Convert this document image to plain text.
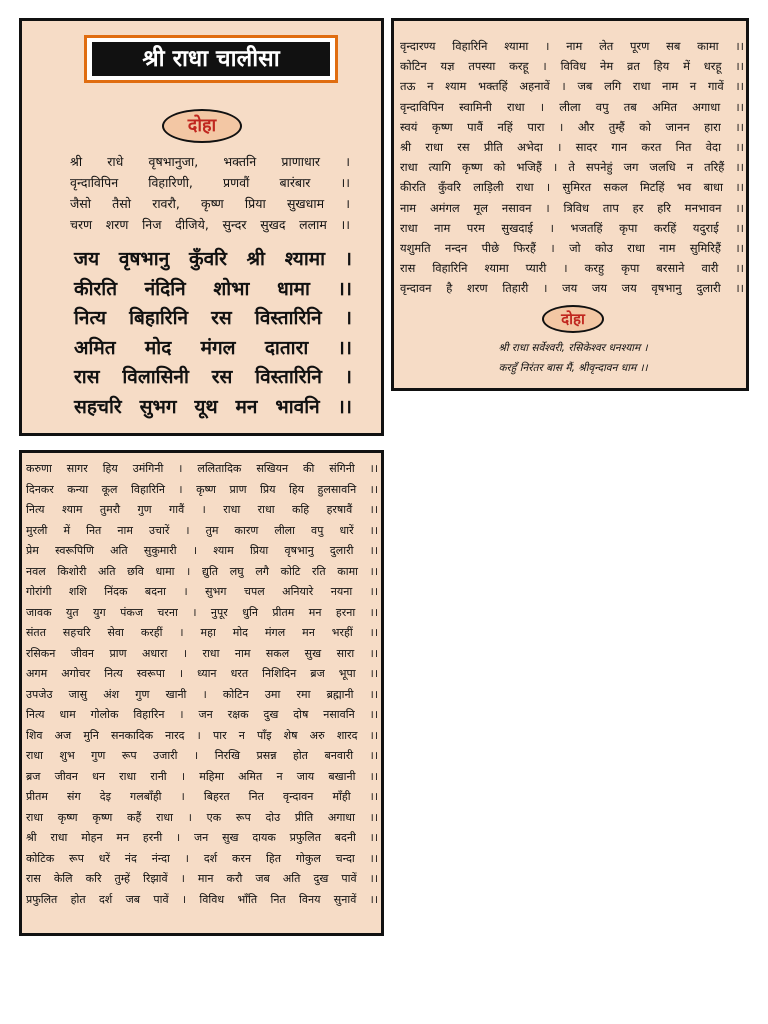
श्री राधा चालीसा
दोहा
श्री राधे वृषभानुजा, भक्तनि प्राणाधार ।
वृन्दाविपिन विहारिणी, प्रणवौं बारंबार ।।
जैसो तैसो रावरौ, कृष्ण प्रिया सुखधाम ।
चरण शरण निज दीजिये, सुन्दर सुखद ललाम ।।
जय वृषभानु कुँवरि श्री श्यामा ।
कीरति नंदिनि शोभा धामा ।।
नित्य बिहारिनि रस विस्तारिनि ।
अमित मोद मंगल दातारा ।।
रास विलासिनी रस विस्तारिनि ।
सहचरि सुभग यूथ मन भावनि ।।
वृन्दारण्य विहारिनि श्यामा । नाम लेत पूरण सब कामा ।।
कोटिन यज्ञ तपस्या करहू । विविध नेम व्रत हिय में धरहू ।।
तऊ न श्याम भक्तहिं अहनावें । जब लगि राधा नाम न गावें ।।
वृन्दाविपिन स्वामिनी राधा । लीला वपु तब अमित अगाधा ।।
स्वयं कृष्ण पावैं नहिं पारा । और तुम्हैं को जानन हारा ।।
श्री राधा रस प्रीति अभेदा । सादर गान करत नित वेदा ।।
राधा त्यागि कृष्ण को भजिहैं । ते सपनेहुं जग जलधि न तरिहैं ।।
कीरति कुँवरि लाड़िली राधा । सुमिरत सकल मिटहिं भव बाधा ।।
नाम अमंगल मूल नसावन । त्रिविध ताप हर हरि मनभावन ।।
राधा नाम परम सुखदाई । भजतहिं कृपा करहिं यदुराई ।।
यशुमति नन्दन पीछे फिरहैं । जो कोउ राधा नाम सुमिरिहैं ।।
रास विहारिनि श्यामा प्यारी । करहु कृपा बरसाने वारी ।।
वृन्दावन है शरण तिहारी । जय जय जय वृषभानु दुलारी ।।
दोहा
श्री राधा सर्वेश्वरी, रसिकेश्वर धनश्याम ।
करहुँ निरंतर बास मैं, श्रीवृन्दावन धाम ।।
करुणा सागर हिय उमंगिनी । ललितादिक सखियन की संगिनी ।।
दिनकर कन्या कूल विहारिनि । कृष्ण प्राण प्रिय हिय हुलसावनि ।।
नित्य श्याम तुमरौ गुण गावैं । राधा राधा कहि हरषावैं ।।
मुरली में नित नाम उचारें । तुम कारण लीला वपु धारें ।।
प्रेम स्वरूपिणि अति सुकुमारी । श्याम प्रिया वृषभानु दुलारी ।।
नवल किशोरी अति छवि धामा । द्युति लघु लगै कोटि रति कामा ।।
गोरांगी शशि निंदक बदना । सुभग चपल अनियारे नयना ।।
जावक युत युग पंकज चरना । नुपूर धुनि प्रीतम मन हरना ।।
संतत सहचरि सेवा करहीं । महा मोद मंगल मन भरहीं ।।
रसिकन जीवन प्राण अधारा । राधा नाम सकल सुख सारा ।।
अगम अगोचर नित्य स्वरूपा । ध्यान धरत निशिदिन ब्रज भूपा ।।
उपजेउ जासु अंश गुण खानी । कोटिन उमा रमा ब्रह्मानी ।।
नित्य धाम गोलोक विहारिन । जन रक्षक दुख दोष नसावनि ।।
शिव अज मुनि सनकादिक नारद । पार न पाँइ शेष अरु शारद ।।
राधा शुभ गुण रूप उजारी । निरखि प्रसन्न होत बनवारी ।।
ब्रज जीवन धन राधा रानी । महिमा अमित न जाय बखानी ।।
प्रीतम संग देइ गलबाँही । बिहरत नित वृन्दावन माँही ।।
राधा कृष्ण कृष्ण कहैं राधा । एक रूप दोउ प्रीति अगाधा ।।
श्री राधा मोहन मन हरनी । जन सुख दायक प्रफुलित बदनी ।।
कोटिक रूप धरें नंद नंन्दा । दर्श करन हित गोकुल चन्दा ।।
रास केलि करि तुम्हें रिझावें । मान करौ जब अति दुख पावें ।।
प्रफुलित होत दर्श जब पावें । विविध भाँति नित विनय सुनावें ।।
